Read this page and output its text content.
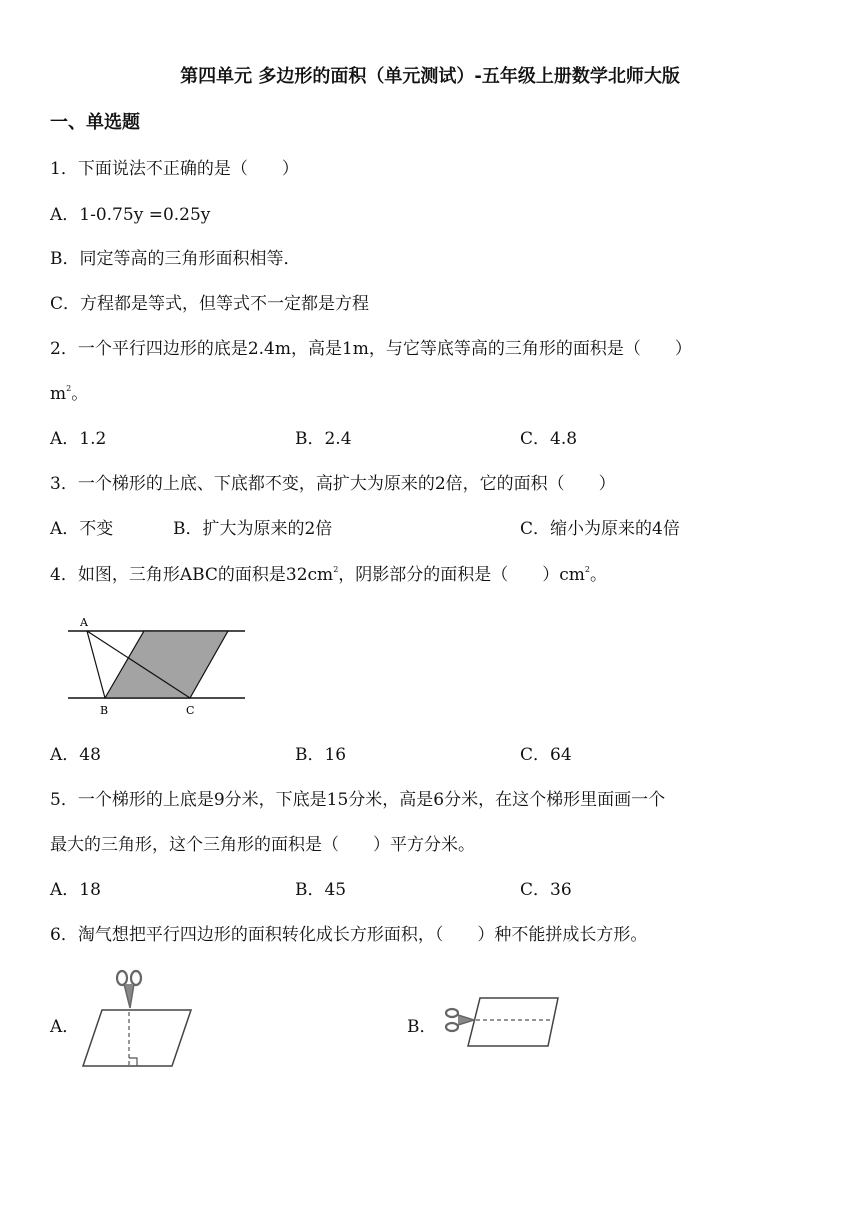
第四单元 多边形的面积（单元测试）-五年级上册数学北师大版
一、单选题
1．下面说法不正确的是（　　）
A．1-0.75y =0.25y
B．同定等高的三角形面积相等．
C．方程都是等式，但等式不一定都是方程
2．一个平行四边形的底是2.4m，高是1m，与它等底等高的三角形的面积是（　　）
$m^2$。
A．1.2	B．2.4	C．4.8
3．一个梯形的上底、下底都不变，高扩大为原来的2倍，它的面积（　　）
A．不变	B．扩大为原来的2倍	C．缩小为原来的4倍
4．如图，三角形ABC的面积是$32cm^2$，阴影部分的面积是（　　）$cm^2$。
A
B	C
A．48	B．16	C．64
5．一个梯形的上底是9分米，下底是15分米，高是6分米，在这个梯形里面画一个
最大的三角形，这个三角形的面积是（　　）平方分米。
A．18	B．45	C．36
6．淘气想把平行四边形的面积转化成长方形面积，（　　）种不能拼成长方形。
A．	B．
